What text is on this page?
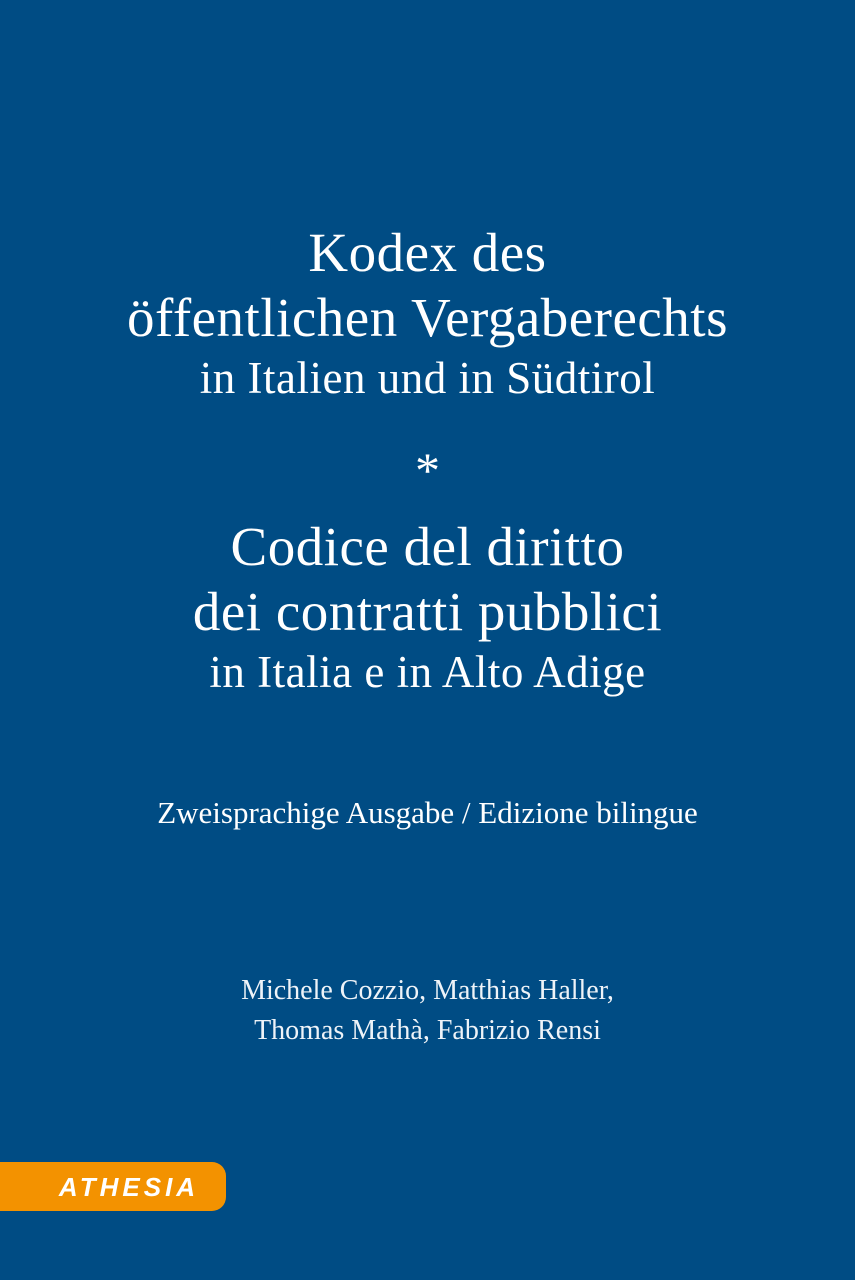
Kodex des
öffentlichen Vergaberechts
in Italien und in Südtirol
*
Codice del diritto
dei contratti pubblici
in Italia e in Alto Adige
Zweisprachige Ausgabe / Edizione bilingue
Michele Cozzio, Matthias Haller,
Thomas Mathà, Fabrizio Rensi
ATHESIA
